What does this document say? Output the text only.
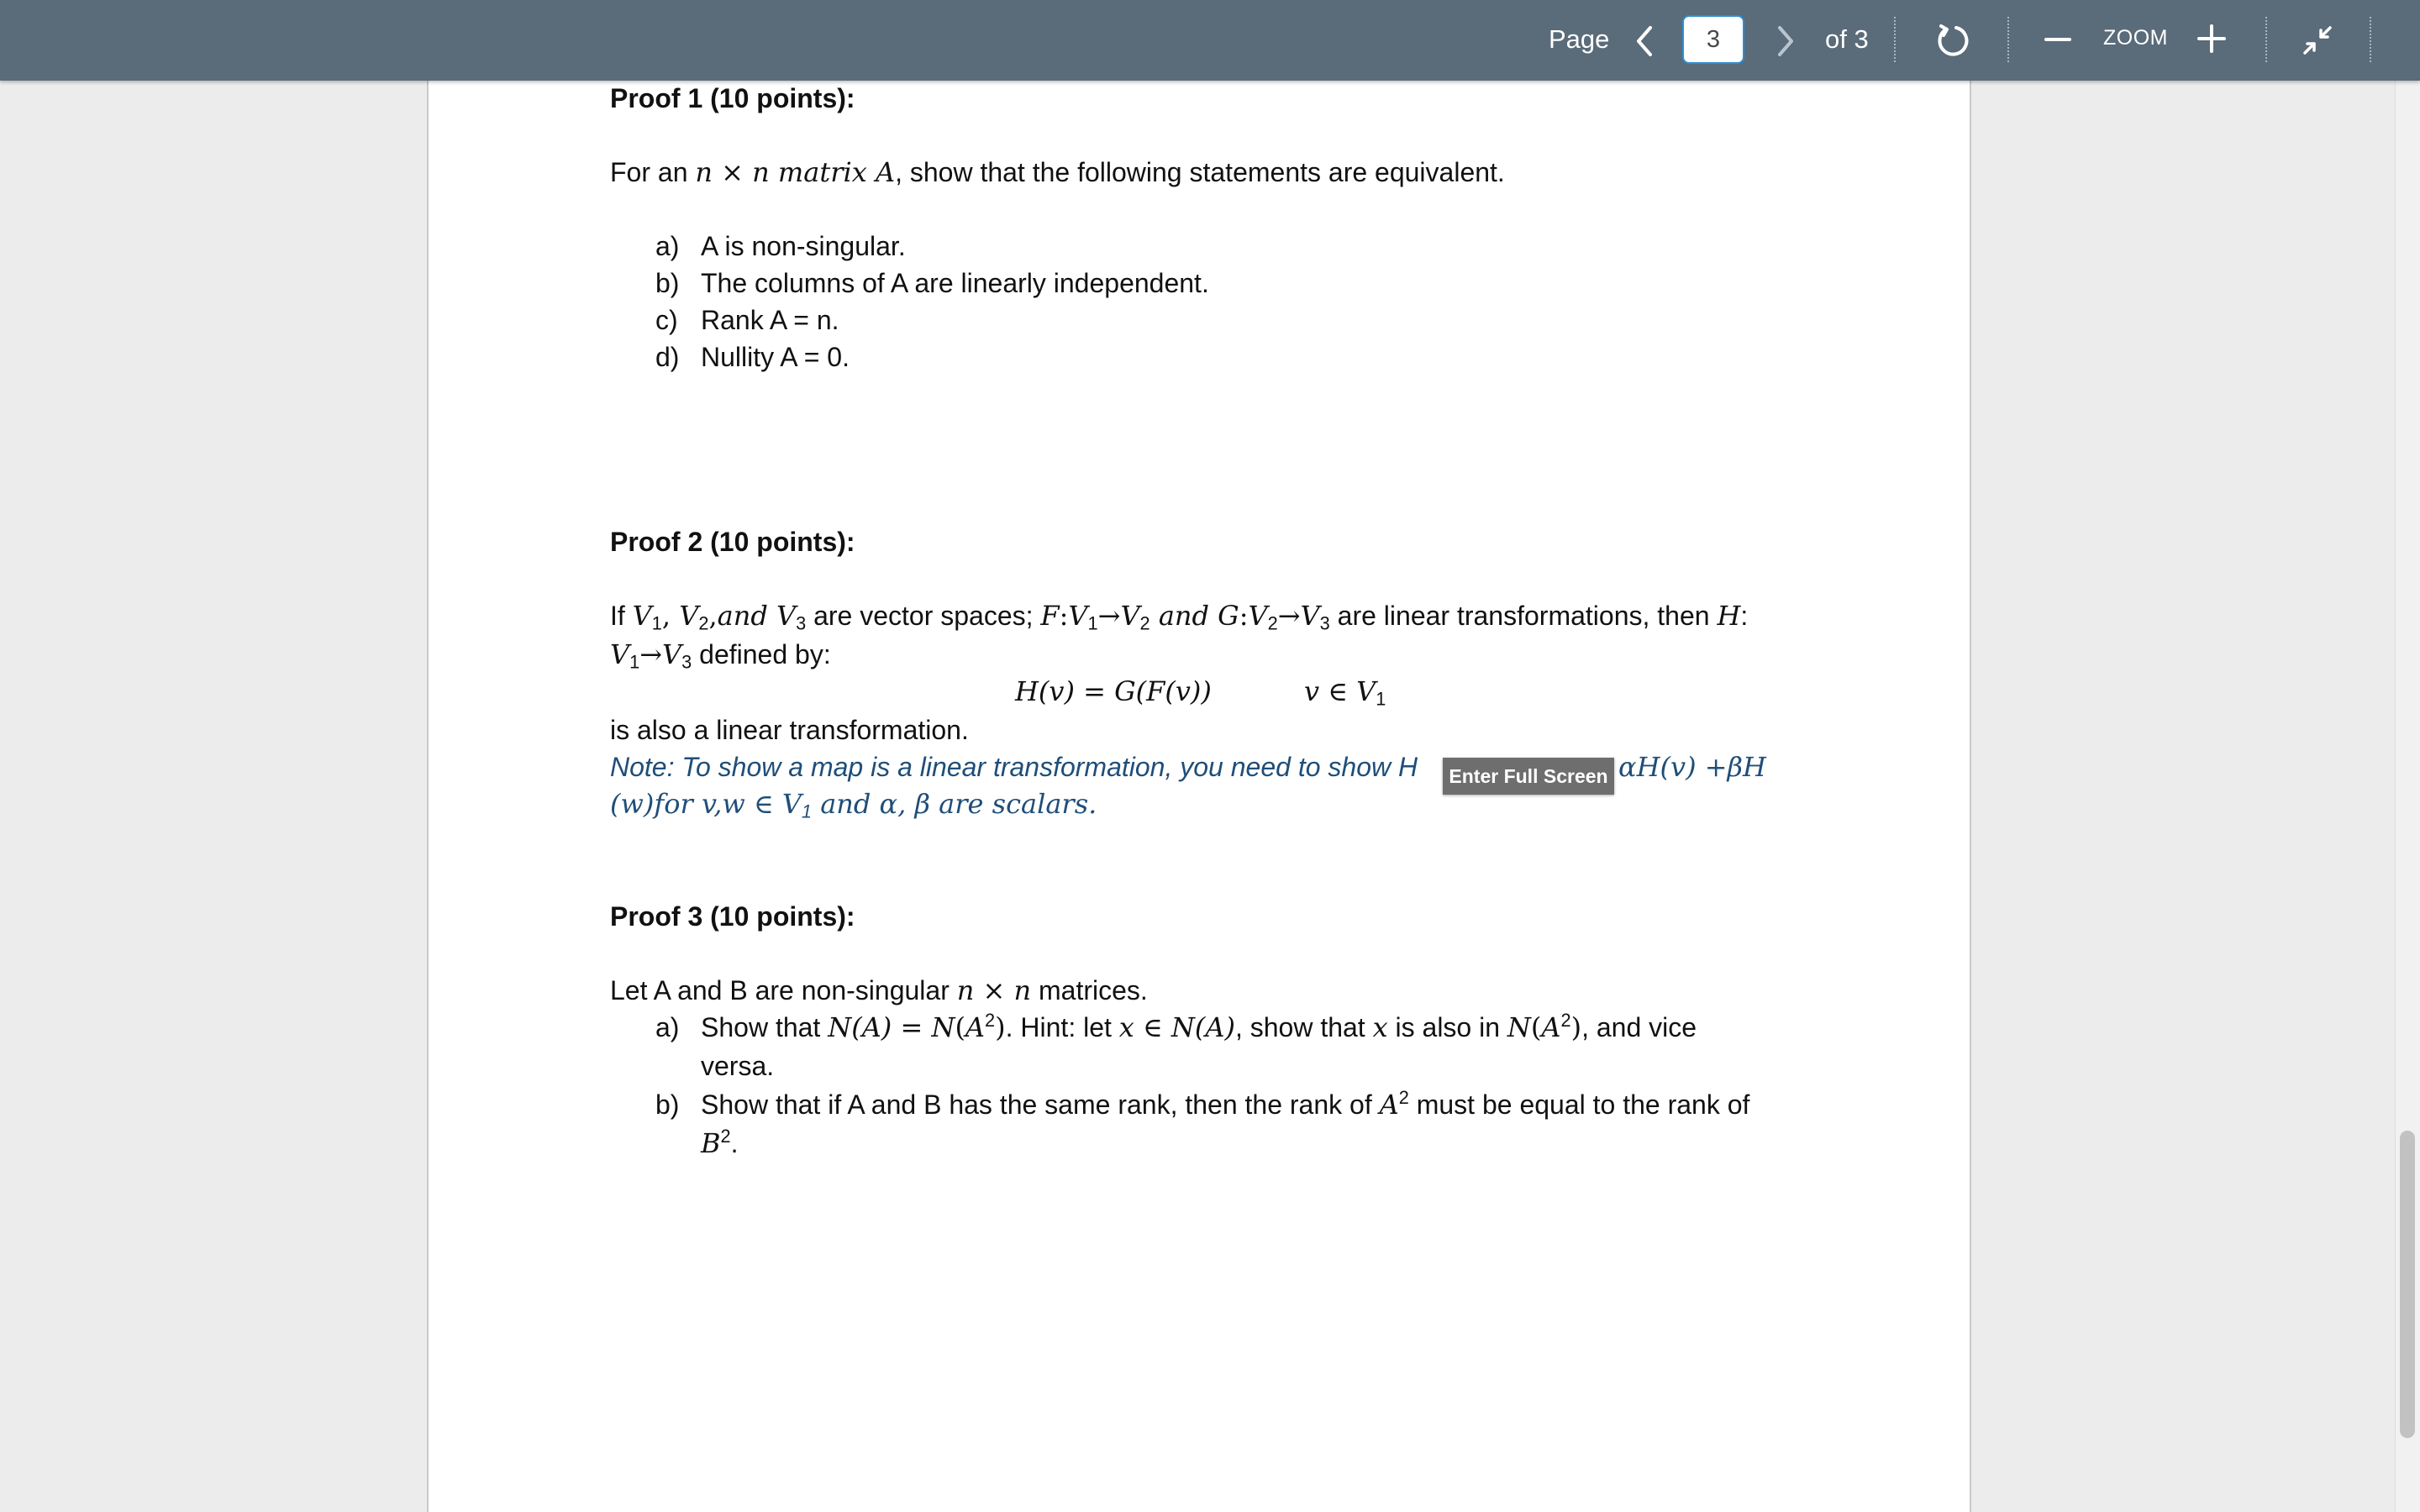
Page
3	of 3	ZOOM
Proof 1 (10 points):
For an n × n matrix A, show that the following statements are equivalent.
a) A is non-singular.
b) The columns of A are linearly independent.
c) Rank A = n.
d) Nullity A = 0.
Proof 2 (10 points):
If $V_1$, $V_2,and$ $V_3$ are vector spaces; $F:V_1\to V_2$ and $G:V_2\to V_3$ are linear transformations, then H:
$V_1\to V_3$ defined by:
H(v) = G(F(v))	v ∈ $V_1$
is also a linear transformation.
Note: To show a map is a linear transformation, you need to show H	αH(v) +βH
(w)for v,w ∈ $V_1$ and α, β are scalars.
Proof 3 (10 points):
Let A and B are non-singular n × n matrices.
a) Show that $N(A) = N(A^2)$. Hint: let x ∈ N(A), show that x is also in $N(A^2)$, and vice
versa.
b) Show that if A and B has the same rank, then the rank of $A^2$ must be equal to the rank of
$B^2$.
Enter Full Screen
